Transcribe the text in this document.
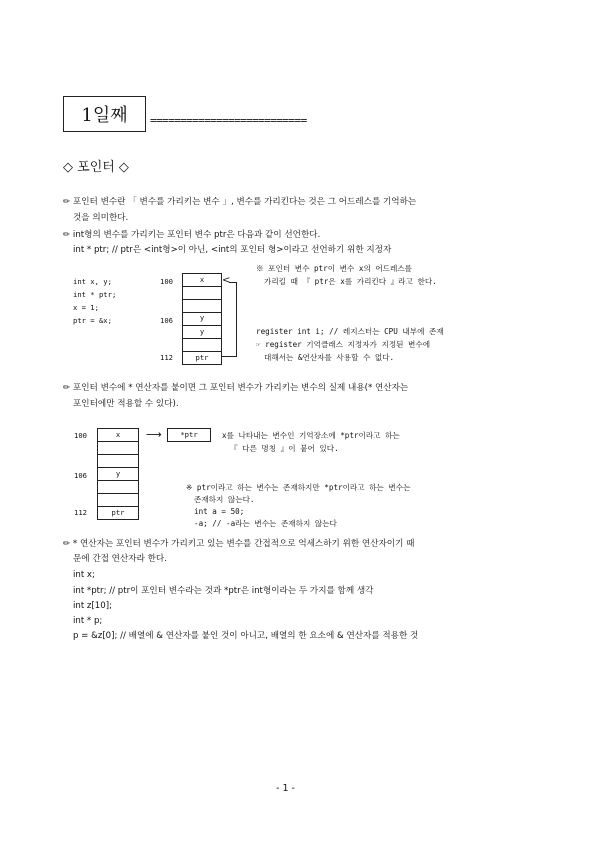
1일째	==========================
◇ 포인터 ◇
✏ 포인터 변수란 「 변수를 가리키는 변수 」, 변수를 가리킨다는 것은 그 어드레스를 기억하는
것을 의미한다.
✏ int형의 변수를 가리키는 포인터 변수 ptr은 다음과 같이 선언한다.
int * ptr; // ptr은 <int형>이 아닌, <int의 포인터 형>이라고 선언하기 위한 지정자
int x, y;
int * ptr;
x = 1;
ptr = &x;
100
106
112
x
y
ptr
y
<
※ 포인터 변수 ptr이 변수 x의 어드레스를
가리킬 때 『 ptr은 x를 가리킨다 』라고 한다.
register int i; // 레지스터는 CPU 내부에 존재
☞ register 기억클래스 지정자가 지정된 변수에
대해서는 &연산자를 사용할 수 없다.
✏ 포인터 변수에 * 연산자를 붙이면 그 포인터 변수가 가리키는 변수의 실제 내용(* 연산자는
포인터에만 적용할 수 있다).
100
106
112
x
y
ptr
⟶	*ptr	x를 나타내는 변수인 기억장소에 *ptr이라고 하는
『 다른 명칭 』이 붙어 있다.
※ ptr이라고 하는 변수는 존재하지만 *ptr이라고 하는 변수는
존재하지 않는다.
int a = 50;
-a; // -a라는 변수는 존재하지 않는다
✏ * 연산자는 포인터 변수가 가리키고 있는 변수를 간접적으로 억세스하기 위한 연산자이기 때
문에 간접 연산자라 한다.
int x;
int *ptr; // ptr이 포인터 변수라는 것과 *ptr은 int형이라는 두 가지를 함께 생각
int z[10];
int * p;
p = &z[0]; // 배열에 & 연산자를 붙인 것이 아니고, 배열의 한 요소에 & 연산자를 적용한 것
- 1 -
